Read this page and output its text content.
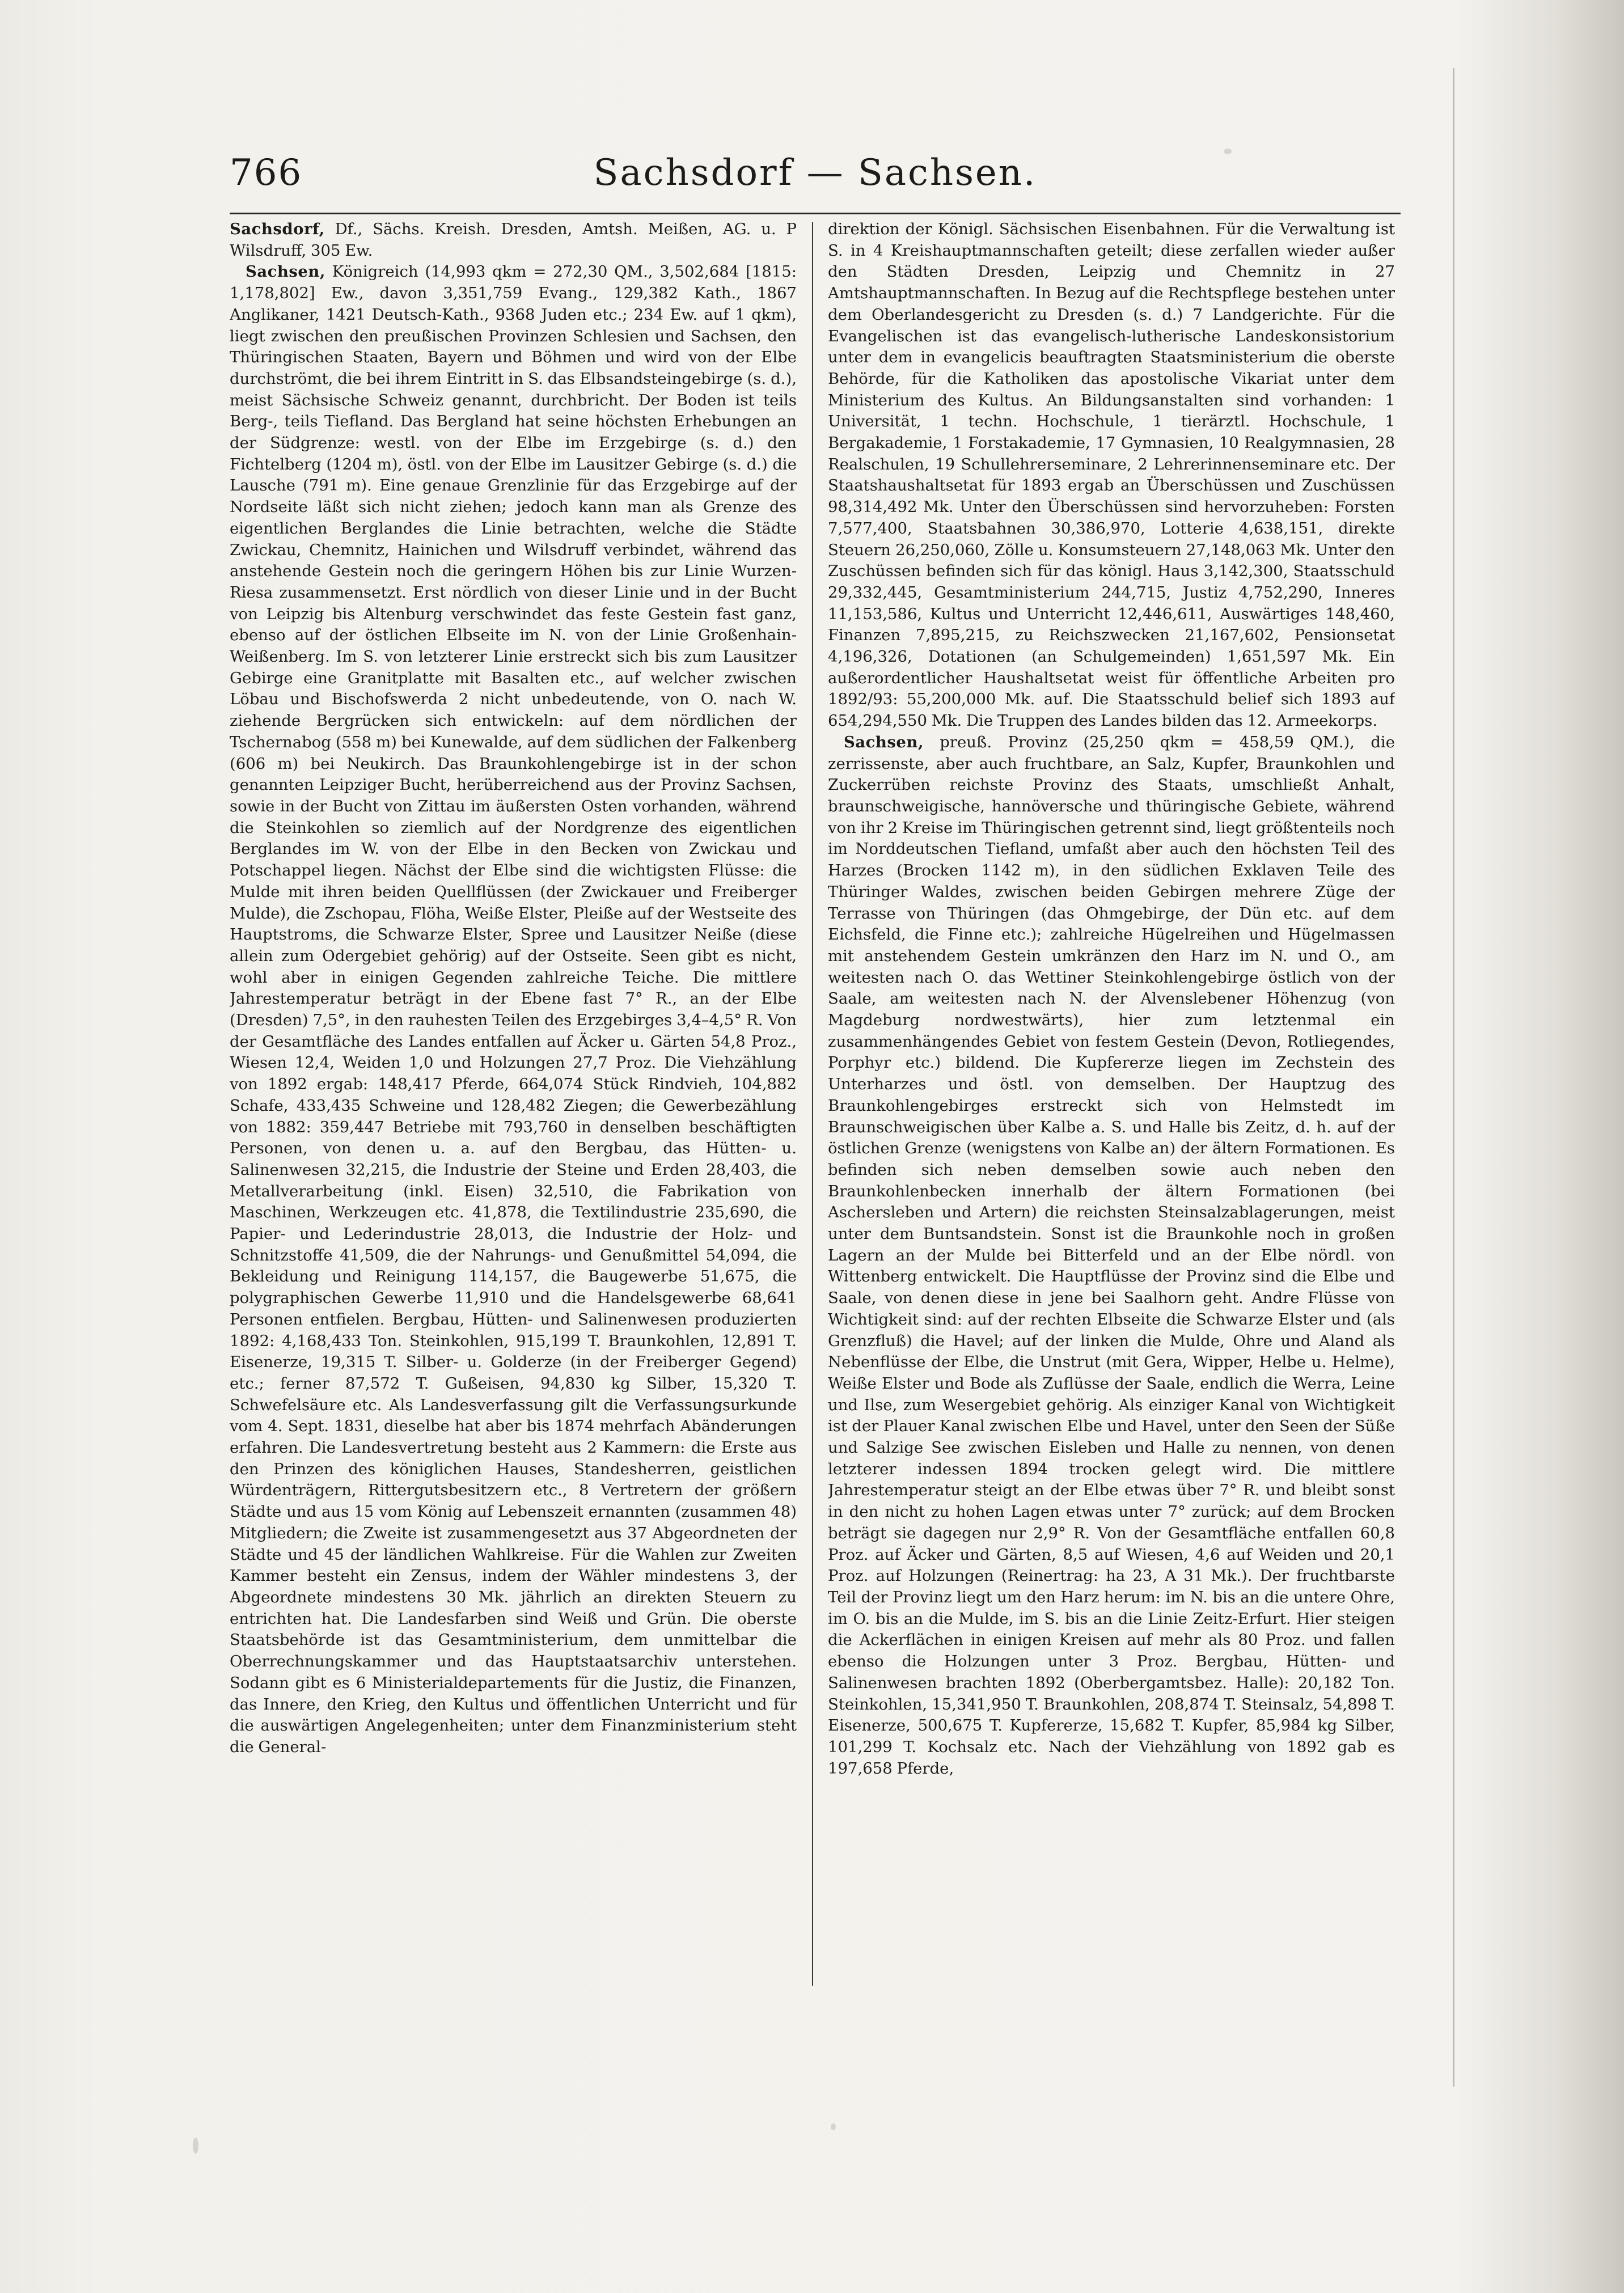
766	Sachsdorf — Sachsen.

Sachsdorf, Df., Sächs. Kreish. Dresden, Amtsh. Meißen, AG. u. P Wilsdruff, 305 Ew.

Sachsen, Königreich (14,993 qkm = 272,30 QM., 3,502,684 [1815: 1,178,802] Ew., davon 3,351,759 Evang., 129,382 Kath., 1867 Anglikaner, 1421 Deutsch-Kath., 9368 Juden etc.; 234 Ew. auf 1 qkm), liegt zwischen den preußischen Provinzen Schlesien und Sachsen, den Thüringischen Staaten, Bayern und Böhmen und wird von der Elbe durchströmt, die bei ihrem Eintritt in S. das Elbsandsteingebirge (s. d.), meist Sächsische Schweiz genannt, durchbricht. Der Boden ist teils Berg-, teils Tiefland. Das Bergland hat seine höchsten Erhebungen an der Südgrenze: westl. von der Elbe im Erzgebirge (s. d.) den Fichtelberg (1204 m), östl. von der Elbe im Lausitzer Gebirge (s. d.) die Lausche (791 m). Eine genaue Grenzlinie für das Erzgebirge auf der Nordseite läßt sich nicht ziehen; jedoch kann man als Grenze des eigentlichen Berglandes die Linie betrachten, welche die Städte Zwickau, Chemnitz, Hainichen und Wilsdruff verbindet, während das anstehende Gestein noch die geringern Höhen bis zur Linie Wurzen-Riesa zusammensetzt. Erst nördlich von dieser Linie und in der Bucht von Leipzig bis Altenburg verschwindet das feste Gestein fast ganz, ebenso auf der östlichen Elbseite im N. von der Linie Großenhain-Weißenberg. Im S. von letzterer Linie erstreckt sich bis zum Lausitzer Gebirge eine Granitplatte mit Basalten etc., auf welcher zwischen Löbau und Bischofswerda 2 nicht unbedeutende, von O. nach W. ziehende Bergrücken sich entwickeln: auf dem nördlichen der Tschernabog (558 m) bei Kunewalde, auf dem südlichen der Falkenberg (606 m) bei Neukirch. Das Braunkohlengebirge ist in der schon genannten Leipziger Bucht, herüberreichend aus der Provinz Sachsen, sowie in der Bucht von Zittau im äußersten Osten vorhanden, während die Steinkohlen so ziemlich auf der Nordgrenze des eigentlichen Berglandes im W. von der Elbe in den Becken von Zwickau und Potschappel liegen. Nächst der Elbe sind die wichtigsten Flüsse: die Mulde mit ihren beiden Quellflüssen (der Zwickauer und Freiberger Mulde), die Zschopau, Flöha, Weiße Elster, Pleiße auf der Westseite des Hauptstroms, die Schwarze Elster, Spree und Lausitzer Neiße (diese allein zum Odergebiet gehörig) auf der Ostseite. Seen gibt es nicht, wohl aber in einigen Gegenden zahlreiche Teiche. Die mittlere Jahrestemperatur beträgt in der Ebene fast 7° R., an der Elbe (Dresden) 7,5°, in den rauhesten Teilen des Erzgebirges 3,4–4,5° R. Von der Gesamtfläche des Landes entfallen auf Äcker u. Gärten 54,8 Proz., Wiesen 12,4, Weiden 1,0 und Holzungen 27,7 Proz. Die Viehzählung von 1892 ergab: 148,417 Pferde, 664,074 Stück Rindvieh, 104,882 Schafe, 433,435 Schweine und 128,482 Ziegen; die Gewerbezählung von 1882: 359,447 Betriebe mit 793,760 in denselben beschäftigten Personen, von denen u. a. auf den Bergbau, das Hütten- u. Salinenwesen 32,215, die Industrie der Steine und Erden 28,403, die Metallverarbeitung (inkl. Eisen) 32,510, die Fabrikation von Maschinen, Werkzeugen etc. 41,878, die Textilindustrie 235,690, die Papier- und Lederindustrie 28,013, die Industrie der Holz- und Schnitzstoffe 41,509, die der Nahrungs- und Genußmittel 54,094, die Bekleidung und Reinigung 114,157, die Baugewerbe 51,675, die polygraphischen Gewerbe 11,910 und die Handelsgewerbe 68,641 Personen entfielen. Bergbau, Hütten- und Salinenwesen produzierten 1892: 4,168,433 Ton. Steinkohlen, 915,199 T. Braunkohlen, 12,891 T. Eisenerze, 19,315 T. Silber- u. Golderze (in der Freiberger Gegend) etc.; ferner 87,572 T. Gußeisen, 94,830 kg Silber, 15,320 T. Schwefelsäure etc. Als Landesverfassung gilt die Verfassungsurkunde vom 4. Sept. 1831, dieselbe hat aber bis 1874 mehrfach Abänderungen erfahren. Die Landesvertretung besteht aus 2 Kammern: die Erste aus den Prinzen des königlichen Hauses, Standesherren, geistlichen Würdenträgern, Rittergutsbesitzern etc., 8 Vertretern der größern Städte und aus 15 vom König auf Lebenszeit ernannten (zusammen 48) Mitgliedern; die Zweite ist zusammengesetzt aus 37 Abgeordneten der Städte und 45 der ländlichen Wahlkreise. Für die Wahlen zur Zweiten Kammer besteht ein Zensus, indem der Wähler mindestens 3, der Abgeordnete mindestens 30 Mk. jährlich an direkten Steuern zu entrichten hat. Die Landesfarben sind Weiß und Grün. Die oberste Staatsbehörde ist das Gesamtministerium, dem unmittelbar die Oberrechnungskammer und das Hauptstaatsarchiv unterstehen. Sodann gibt es 6 Ministerialdepartements für die Justiz, die Finanzen, das Innere, den Krieg, den Kultus und öffentlichen Unterricht und für die auswärtigen Angelegenheiten; unter dem Finanzministerium steht die General-

direktion der Königl. Sächsischen Eisenbahnen. Für die Verwaltung ist S. in 4 Kreishauptmannschaften geteilt; diese zerfallen wieder außer den Städten Dresden, Leipzig und Chemnitz in 27 Amtshauptmannschaften. In Bezug auf die Rechtspflege bestehen unter dem Oberlandesgericht zu Dresden (s. d.) 7 Landgerichte. Für die Evangelischen ist das evangelisch-lutherische Landeskonsistorium unter dem in evangelicis beauftragten Staatsministerium die oberste Behörde, für die Katholiken das apostolische Vikariat unter dem Ministerium des Kultus. An Bildungsanstalten sind vorhanden: 1 Universität, 1 techn. Hochschule, 1 tierärztl. Hochschule, 1 Bergakademie, 1 Forstakademie, 17 Gymnasien, 10 Realgymnasien, 28 Realschulen, 19 Schullehrerseminare, 2 Lehrerinnenseminare etc. Der Staatshaushaltsetat für 1893 ergab an Überschüssen und Zuschüssen 98,314,492 Mk. Unter den Überschüssen sind hervorzuheben: Forsten 7,577,400, Staatsbahnen 30,386,970, Lotterie 4,638,151, direkte Steuern 26,250,060, Zölle u. Konsumsteuern 27,148,063 Mk. Unter den Zuschüssen befinden sich für das königl. Haus 3,142,300, Staatsschuld 29,332,445, Gesamtministerium 244,715, Justiz 4,752,290, Inneres 11,153,586, Kultus und Unterricht 12,446,611, Auswärtiges 148,460, Finanzen 7,895,215, zu Reichszwecken 21,167,602, Pensionsetat 4,196,326, Dotationen (an Schulgemeinden) 1,651,597 Mk. Ein außerordentlicher Haushaltsetat weist für öffentliche Arbeiten pro 1892/93: 55,200,000 Mk. auf. Die Staatsschuld belief sich 1893 auf 654,294,550 Mk. Die Truppen des Landes bilden das 12. Armeekorps.

Sachsen, preuß. Provinz (25,250 qkm = 458,59 QM.), die zerrissenste, aber auch fruchtbare, an Salz, Kupfer, Braunkohlen und Zuckerrüben reichste Provinz des Staats, umschließt Anhalt, braunschweigische, hannöversche und thüringische Gebiete, während von ihr 2 Kreise im Thüringischen getrennt sind, liegt größtenteils noch im Norddeutschen Tiefland, umfaßt aber auch den höchsten Teil des Harzes (Brocken 1142 m), in den südlichen Exklaven Teile des Thüringer Waldes, zwischen beiden Gebirgen mehrere Züge der Terrasse von Thüringen (das Ohmgebirge, der Dün etc. auf dem Eichsfeld, die Finne etc.); zahlreiche Hügelreihen und Hügelmassen mit anstehendem Gestein umkränzen den Harz im N. und O., am weitesten nach O. das Wettiner Steinkohlengebirge östlich von der Saale, am weitesten nach N. der Alvenslebener Höhenzug (von Magdeburg nordwestwärts), hier zum letztenmal ein zusammenhängendes Gebiet von festem Gestein (Devon, Rotliegendes, Porphyr etc.) bildend. Die Kupfererze liegen im Zechstein des Unterharzes und östl. von demselben. Der Hauptzug des Braunkohlengebirges erstreckt sich von Helmstedt im Braunschweigischen über Kalbe a. S. und Halle bis Zeitz, d. h. auf der östlichen Grenze (wenigstens von Kalbe an) der ältern Formationen. Es befinden sich neben demselben sowie auch neben den Braunkohlenbecken innerhalb der ältern Formationen (bei Aschersleben und Artern) die reichsten Steinsalzablagerungen, meist unter dem Buntsandstein. Sonst ist die Braunkohle noch in großen Lagern an der Mulde bei Bitterfeld und an der Elbe nördl. von Wittenberg entwickelt. Die Hauptflüsse der Provinz sind die Elbe und Saale, von denen diese in jene bei Saalhorn geht. Andre Flüsse von Wichtigkeit sind: auf der rechten Elbseite die Schwarze Elster und (als Grenzfluß) die Havel; auf der linken die Mulde, Ohre und Aland als Nebenflüsse der Elbe, die Unstrut (mit Gera, Wipper, Helbe u. Helme), Weiße Elster und Bode als Zuflüsse der Saale, endlich die Werra, Leine und Ilse, zum Wesergebiet gehörig. Als einziger Kanal von Wichtigkeit ist der Plauer Kanal zwischen Elbe und Havel, unter den Seen der Süße und Salzige See zwischen Eisleben und Halle zu nennen, von denen letzterer indessen 1894 trocken gelegt wird. Die mittlere Jahrestemperatur steigt an der Elbe etwas über 7° R. und bleibt sonst in den nicht zu hohen Lagen etwas unter 7° zurück; auf dem Brocken beträgt sie dagegen nur 2,9° R. Von der Gesamtfläche entfallen 60,8 Proz. auf Äcker und Gärten, 8,5 auf Wiesen, 4,6 auf Weiden und 20,1 Proz. auf Holzungen (Reinertrag: ha 23, A 31 Mk.). Der fruchtbarste Teil der Provinz liegt um den Harz herum: im N. bis an die untere Ohre, im O. bis an die Mulde, im S. bis an die Linie Zeitz-Erfurt. Hier steigen die Ackerflächen in einigen Kreisen auf mehr als 80 Proz. und fallen ebenso die Holzungen unter 3 Proz. Bergbau, Hütten- und Salinenwesen brachten 1892 (Oberbergamtsbez. Halle): 20,182 Ton. Steinkohlen, 15,341,950 T. Braunkohlen, 208,874 T. Steinsalz, 54,898 T. Eisenerze, 500,675 T. Kupfererze, 15,682 T. Kupfer, 85,984 kg Silber, 101,299 T. Kochsalz etc. Nach der Viehzählung von 1892 gab es 197,658 Pferde,
